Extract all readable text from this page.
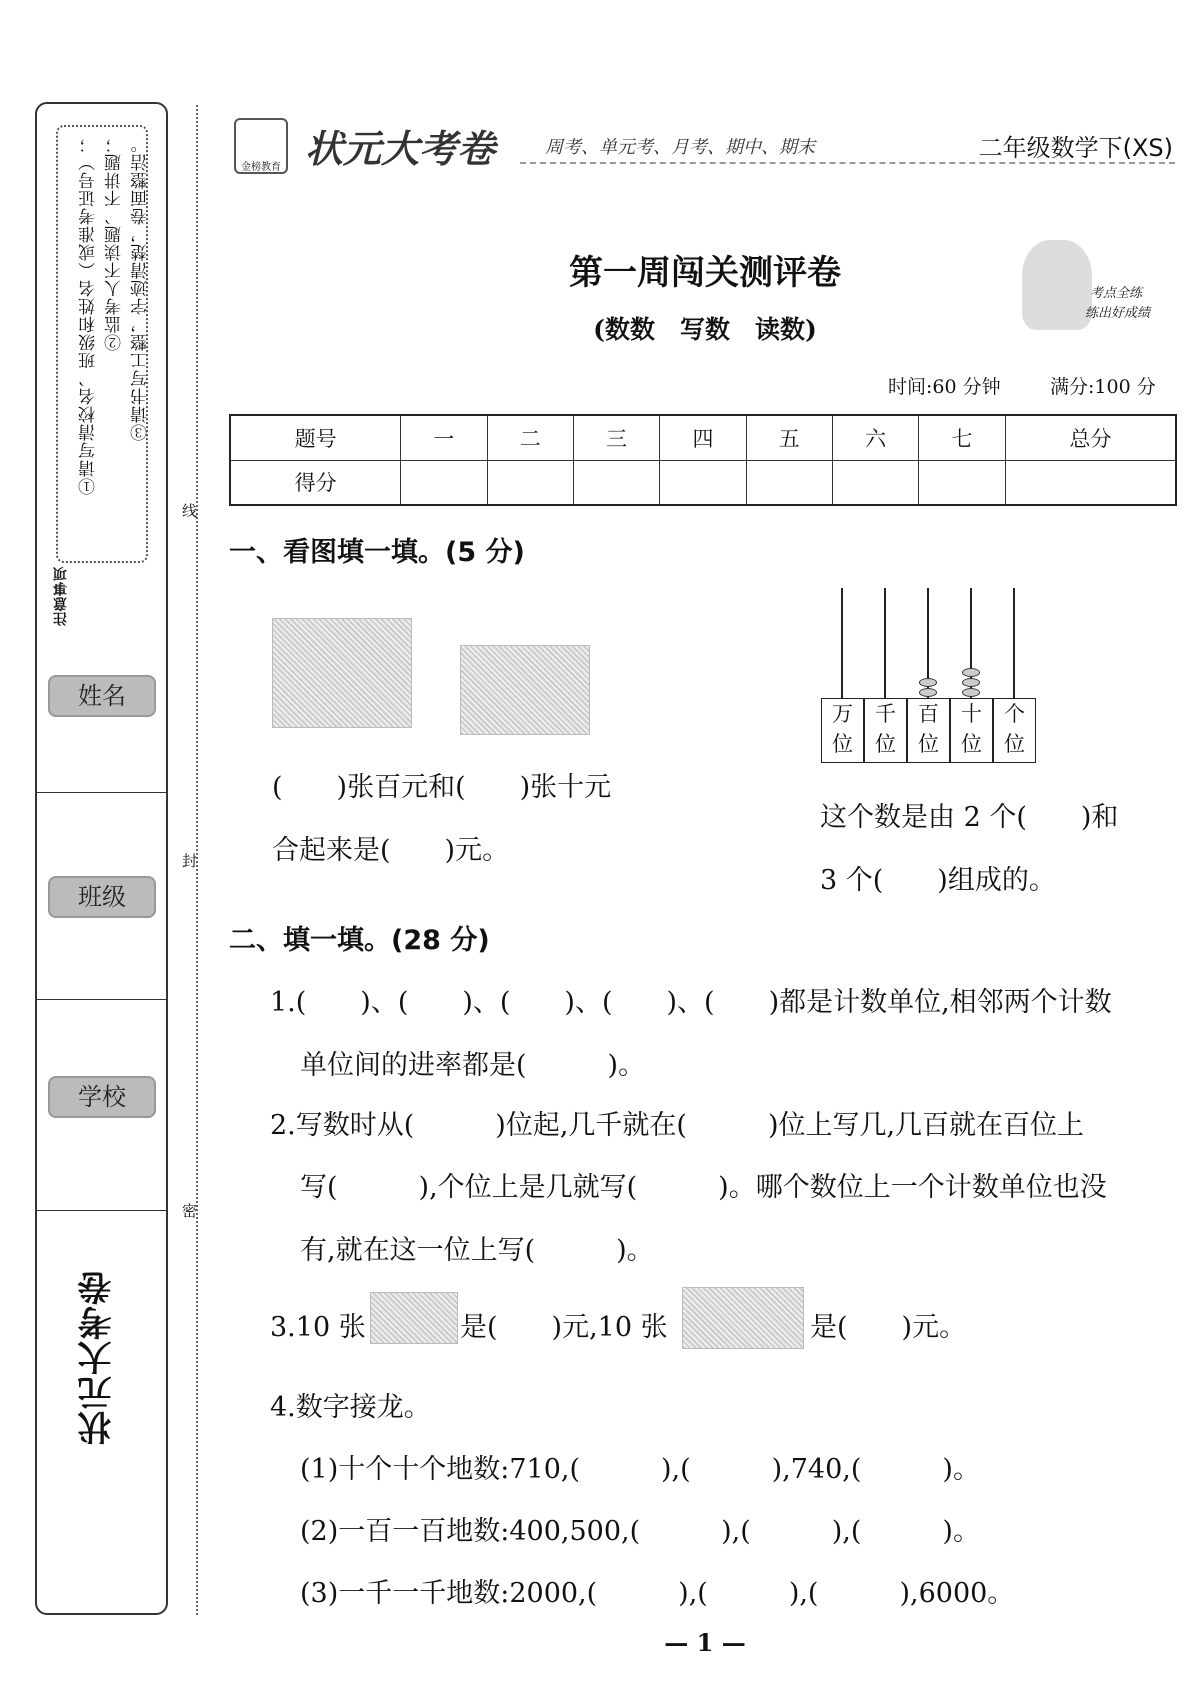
注意事项
①请写清校名、班级和姓名（或准考证号）； ②监考人不读题、不讲题； ③请书写工整，字迹清楚，卷面整洁。
姓名
班级
学校
状元大考卷
线
封
密
金榜教育 状元大考卷	周考、单元考、月考、期中、期末	二年级数学下(XS)
第一周闯关测评卷
(数数　写数　读数)
考点全练
练出好成绩
时间:60 分钟	满分:100 分
题号	一	二	三	四	五	六	七	总分
得分								
一、看图填一填。(5 分)
(　　)张百元和(　　)张十元
合起来是(　　)元。
万位
千位
百位
十位
个位
这个数是由 2 个(　　)和
3 个(　　)组成的。
二、填一填。(28 分)
1.(　　)、(　　)、(　　)、(　　)、(　　)都是计数单位,相邻两个计数
单位间的进率都是(　　　)。
2.写数时从(　　　)位起,几千就在(　　　)位上写几,几百就在百位上
写(　　　),个位上是几就写(　　　)。哪个数位上一个计数单位也没
有,就在这一位上写(　　　)。
3.10 张	是(　　)元,10 张	是(　　)元。
4.数字接龙。
(1)十个十个地数:710,(　　　),(　　　),740,(　　　)。
(2)一百一百地数:400,500,(　　　),(　　　),(　　　)。
(3)一千一千地数:2000,(　　　),(　　　),(　　　),6000。
— 1 —
